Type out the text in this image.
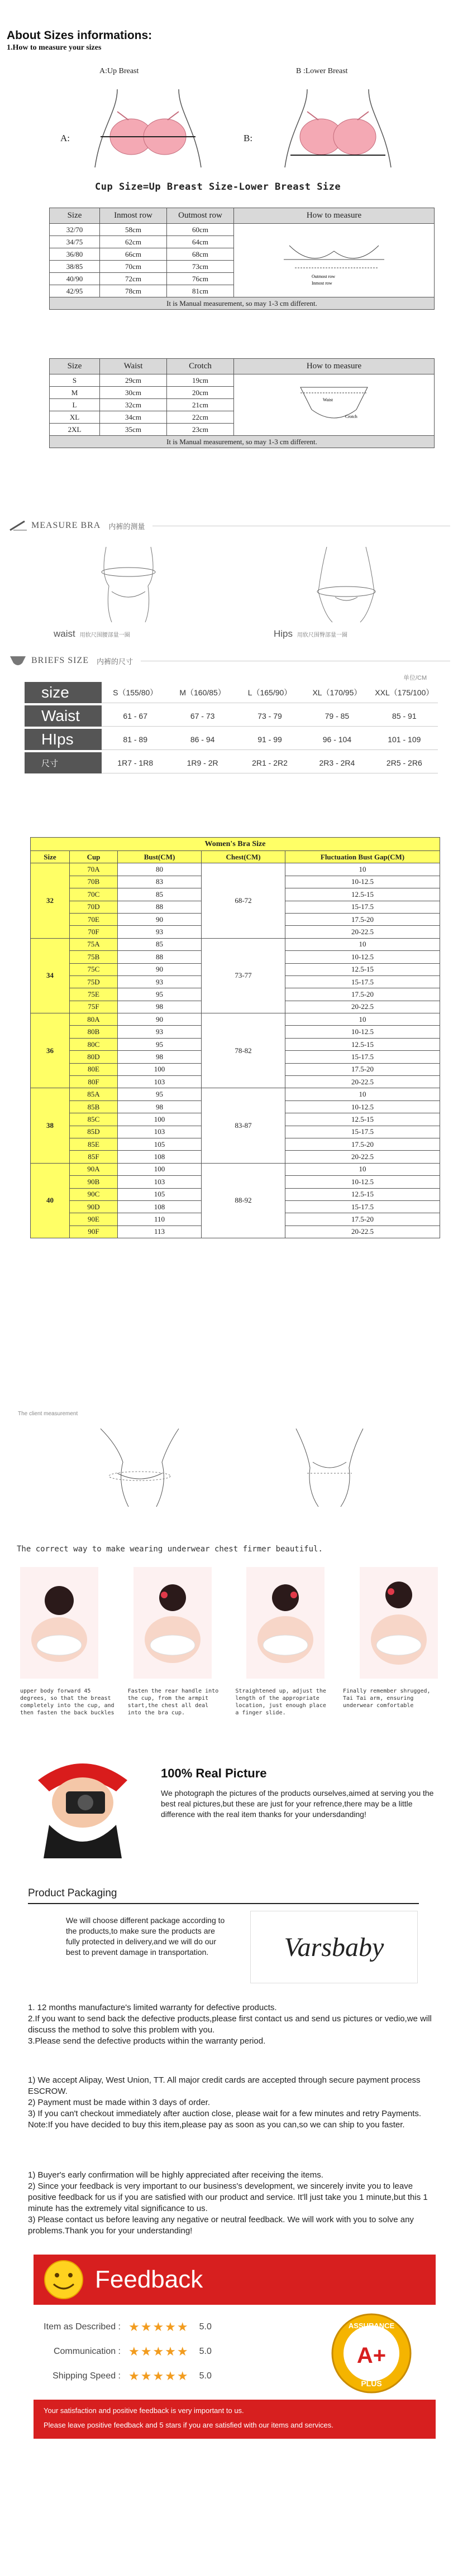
About Sizes informations:
1.How to measure your sizes
A:Up Breast	B :Lower Breast
A:	B:
Cup Size=Up Breast Size-Lower Breast Size
Size	Inmost row	Outmost row	How to measure
32/70	58cm	60cm	Outmost row
Inmost row

34/75	62cm	64cm	
36/80	66cm	68cm	
38/85	70cm	73cm	
40/90	72cm	76cm	
42/95	78cm	81cm	
It is Manual measurement, so may 1-3 cm different.			
Size	Waist	Crotch	How to measure
S	29cm	19cm	Waist
Crotch

M	30cm	20cm	
L	32cm	21cm	
XL	34cm	22cm	
2XL	35cm	23cm	
It is Manual measurement, so may 1-3 cm different.			
MEASURE BRA 内裤的测量
waist 用软尺围腰部量一圈	Hips 用软尺围臀部量一圈
BRIEFS SIZE 内裤的尺寸
单位/CM
size	S（155/80）	M（160/85）	L（165/90）	XL（170/95）	XXL（175/100）
Waist	61 - 67	67 - 73	73 - 79	79 - 85	85 - 91
HIps	81 - 89	86 - 94	91 - 99	96 - 104	101 - 109
尺寸	1R7 - 1R8	1R9 - 2R	2R1 - 2R2	2R3 - 2R4	2R5 - 2R6
Women's Bra Size				
Size	Cup	Bust(CM)	Chest(CM)	Fluctuation Bust Gap(CM)
32	70A	80	68-72	10
	70B	83		10-12.5
	70C	85		12.5-15
	70D	88		15-17.5
	70E	90		17.5-20
	70F	93		20-22.5
34	75A	85	73-77	10
	75B	88		10-12.5
	75C	90		12.5-15
	75D	93		15-17.5
	75E	95		17.5-20
	75F	98		20-22.5
36	80A	90	78-82	10
	80B	93		10-12.5
	80C	95		12.5-15
	80D	98		15-17.5
	80E	100		17.5-20
	80F	103		20-22.5
38	85A	95	83-87	10
	85B	98		10-12.5
	85C	100		12.5-15
	85D	103		15-17.5
	85E	105		17.5-20
	85F	108		20-22.5
40	90A	100	88-92	10
	90B	103		10-12.5
	90C	105		12.5-15
	90D	108		15-17.5
	90E	110		17.5-20
	90F	113		20-22.5
The client measurement
The correct way to make wearing underwear chest firmer beautiful.
upper body forward 45 degrees, so that the breast completely into the cup, and then fasten the back buckles
Fasten the rear handle into the cup, from the armpit start,the chest all deal into the bra cup.
Straightened up, adjust the length of the appropriate location, just enough place a finger slide.
Finally remember shrugged, Tai Tai arm, ensuring underwear comfortable
100% Real Picture
We photograph the pictures of the products ourselves,aimed at serving you the best real pictures,but these are just for your refrence,there may be a little difference with the real item thanks for your undersdanding!
Product Packaging
We will choose different package according to the products,to make sure the products are fully protected in delivery,and we will do our best to prevent damage in transportation.	Varsbaby

1. 12 months manufacture's limited warranty for defective products.

2.If you want to send back the defective products,please first contact us and send us pictures or vedio,we will discuss the method to solve this problem with you.

3.Please send the defective products within the warranty period.

1) We accept Alipay, West Union, TT. All major credit cards are accepted through secure payment process ESCROW.

2) Payment must be made within 3 days of order.

3) If you can't checkout immediately after auction close, please wait for a few minutes and retry Payments.

Note:If you have decided to buy this item,please pay as soon as you can,so we can ship to you faster.

1) Buyer's early confirmation will be highly appreciated after receiving the items.

2) Since your feedback is very important to our business's development, we sincerely invite you to leave positive feedback for us if you are satisfied with our product and service. It'll just take you 1 minute,but this 1 minute has the extremely vital significance to us.

3) Please contact us before leaving any negative or neutral feedback. We will work with you to solve any problems.Thank you for your understanding!

Feedback
Item as Described : ★★★★★ 5.0
Communication : ★★★★★ 5.0
Shipping Speed : ★★★★★ 5.0
ASSURANCE
A+
PLUS
Your satisfaction and positive feedback is very important to us.
Please leave positive feedback and 5 stars if you are satisfied with our items and services.
